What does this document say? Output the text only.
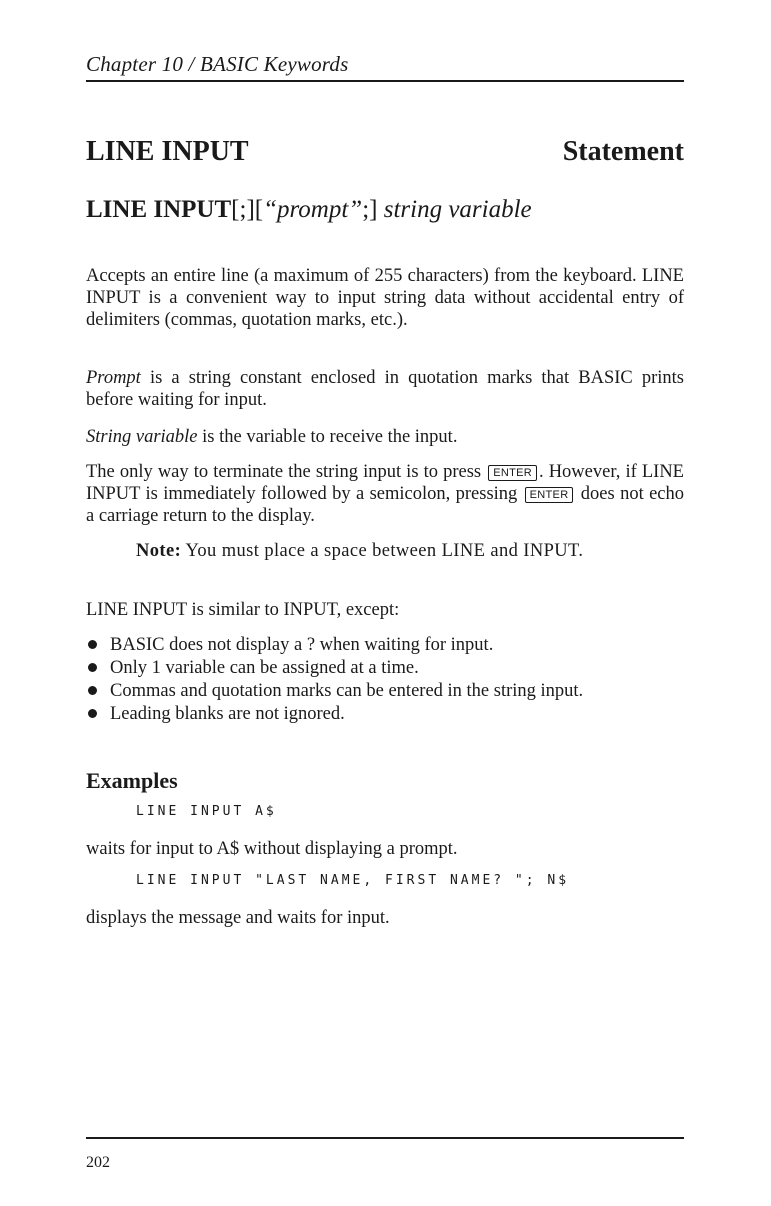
Chapter 10 / BASIC Keywords
LINE INPUT	Statement
LINE INPUT[;][“prompt”;] string variable

Accepts an entire line (a maximum of 255 characters) from the keyboard. LINE INPUT is a convenient way to input string data without accidental entry of delimiters (commas, quotation marks, etc.).

Prompt is a string constant enclosed in quotation marks that BASIC prints before waiting for input.

String variable is the variable to receive the input.

The only way to terminate the string input is to press ENTER . However, if LINE INPUT is immediately followed by a semicolon, pressing ENTER does not echo a carriage return to the display.

Note: You must place a space between LINE and INPUT.

LINE INPUT is similar to INPUT, except:

BASIC does not display a ? when waiting for input.
Only 1 variable can be assigned at a time.
Commas and quotation marks can be entered in the string input.
Leading blanks are not ignored.
Examples
LINE INPUT A$

waits for input to A$ without displaying a prompt.

LINE INPUT "LAST NAME, FIRST NAME? "; N$

displays the message and waits for input.

202
